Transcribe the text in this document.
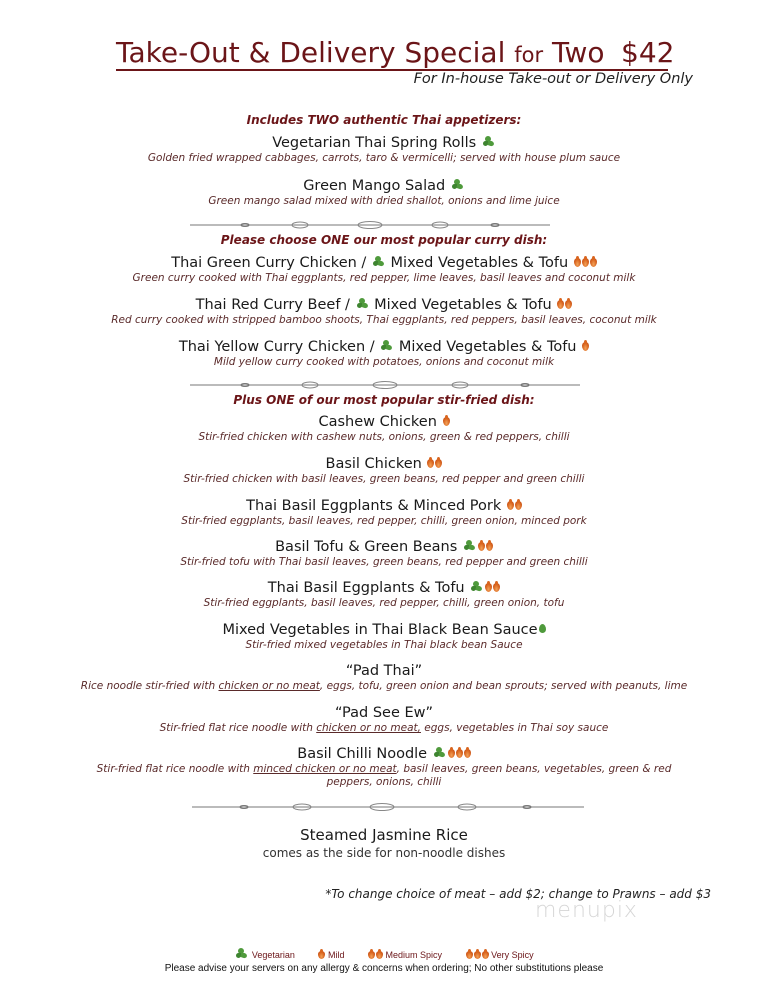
Take-Out & Delivery Special for Two $42
For In-house Take-out or Delivery Only
Includes TWO authentic Thai appetizers:
Vegetarian Thai Spring Rolls
Golden fried wrapped cabbages, carrots, taro & vermicelli; served with house plum sauce
Green Mango Salad
Green mango salad mixed with dried shallot, onions and lime juice
Please choose ONE our most popular curry dish:
Thai Green Curry Chicken /
Mixed Vegetables & Tofu
Green curry cooked with Thai eggplants, red pepper, lime leaves, basil leaves and coconut milk
Thai Red Curry Beef /
Mixed Vegetables & Tofu
Red curry cooked with stripped bamboo shoots, Thai eggplants, red peppers, basil leaves, coconut milk
Thai Yellow Curry Chicken /
Mixed Vegetables & Tofu
Mild yellow curry cooked with potatoes, onions and coconut milk
Plus ONE of our most popular stir-fried dish:
Cashew Chicken
Stir-fried chicken with cashew nuts, onions, green & red peppers, chilli
Basil Chicken
Stir-fried chicken with basil leaves, green beans, red pepper and green chilli
Thai Basil Eggplants & Minced Pork
Stir-fried eggplants, basil leaves, red pepper, chilli, green onion, minced pork
Basil Tofu & Green Beans
Stir-fried tofu with Thai basil leaves, green beans, red pepper and green chilli
Thai Basil Eggplants & Tofu
Stir-fried eggplants, basil leaves, red pepper, chilli, green onion, tofu
Mixed Vegetables in Thai Black Bean Sauce
Stir-fried mixed vegetables in Thai black bean Sauce
“Pad Thai”
Rice noodle stir-fried with chicken or no meat, eggs, tofu, green onion and bean sprouts; served with peanuts, lime
“Pad See Ew”
Stir-fried flat rice noodle with chicken or no meat, eggs, vegetables in Thai soy sauce
Basil Chilli Noodle
Stir-fried flat rice noodle with minced chicken or no meat, basil leaves, green beans, vegetables, green & red peppers, onions, chilli
Steamed Jasmine Rice
comes as the side for non-noodle dishes
*To change choice of meat – add $2; change to Prawns – add $3
menupix
Vegetarian	Mild	Medium Spicy	Very Spicy
Please advise your servers on any allergy & concerns when ordering; No other substitutions please
